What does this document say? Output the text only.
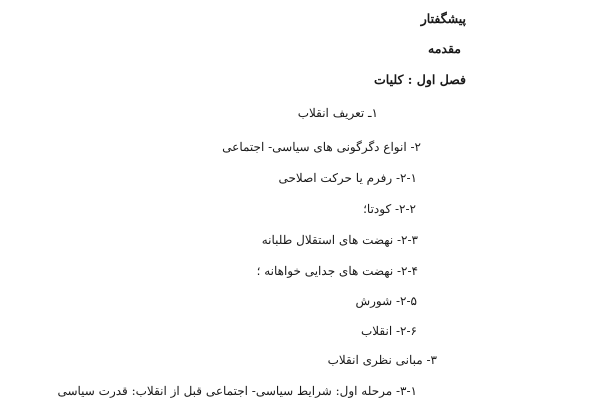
پیشگفتار
مقدمه
فصل اول : کلیات
۱ـ تعریف انقلاب
۲- انواع دگرگونی های سیاسی- اجتماعی
۲-۱- رفرم یا حرکت اصلاحی
۲-۲- کودتا؛
۲-۳- نهضت های استقلال طلبانه
۲-۴- نهضت های جدایی خواهانه ؛
۲-۵- شورش
۲-۶- انقلاب
۳- مبانی نظری انقلاب
۳-۱- مرحله اول: شرایط سیاسی- اجتماعی قبل از انقلاب: قدرت سیاسی
